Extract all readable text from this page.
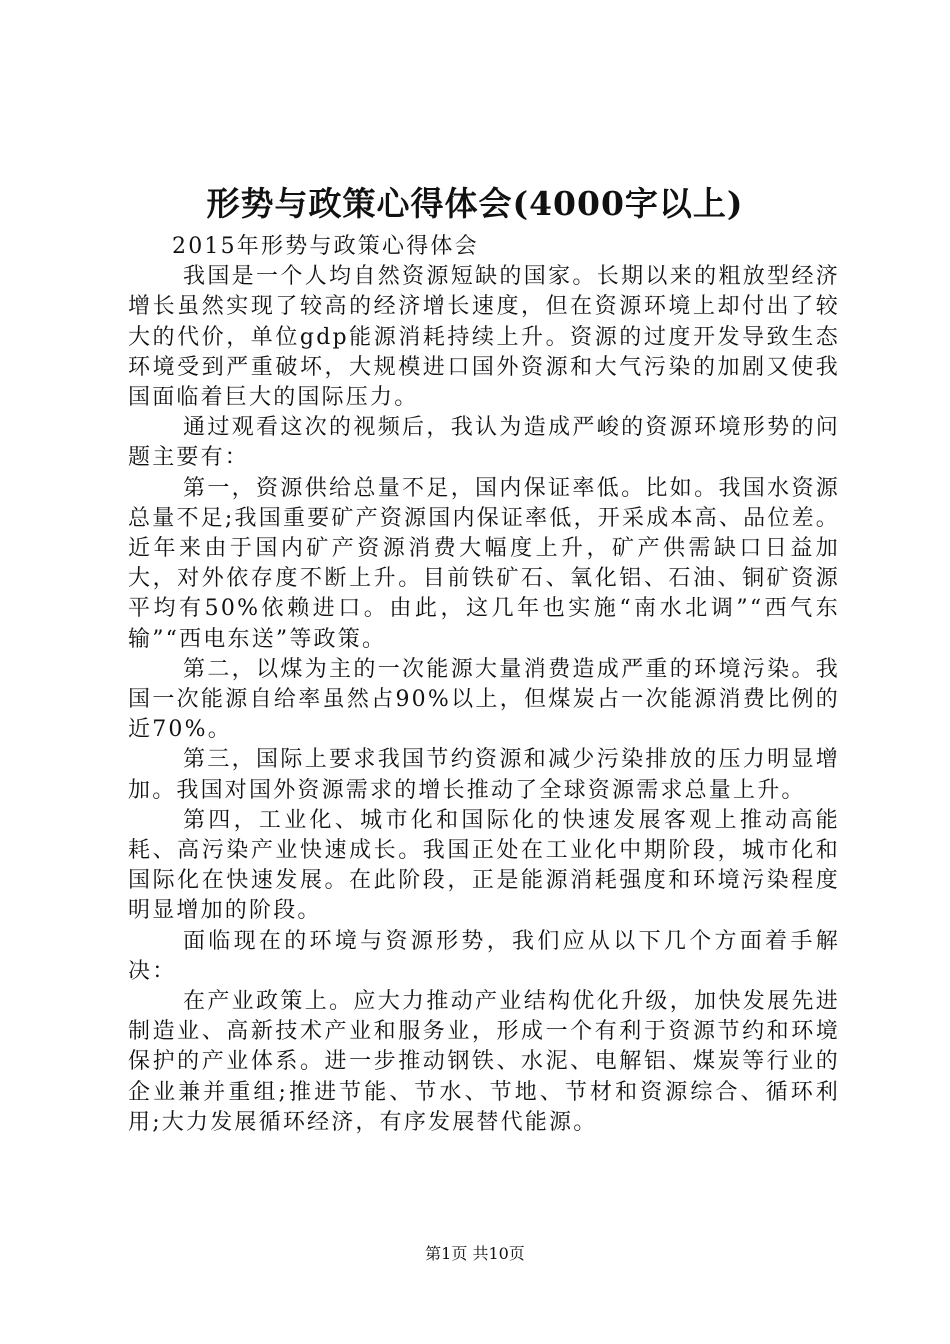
形势与政策心得体会(4000字以上)

2015年形势与政策心得体会

我国是一个人均自然资源短缺的国家。长期以来的粗放型经济增长虽然实现了较高的经济增长速度，但在资源环境上却付出了较大的代价，单位gdp能源消耗持续上升。资源的过度开发导致生态环境受到严重破坏，大规模进口国外资源和大气污染的加剧又使我国面临着巨大的国际压力。

通过观看这次的视频后，我认为造成严峻的资源环境形势的问题主要有：

第一，资源供给总量不足，国内保证率低。比如。我国水资源总量不足;我国重要矿产资源国内保证率低，开采成本高、品位差。近年来由于国内矿产资源消费大幅度上升，矿产供需缺口日益加大，对外依存度不断上升。目前铁矿石、氧化铝、石油、铜矿资源平均有50%依赖进口。由此，这几年也实施“南水北调”“西气东输”“西电东送”等政策。

第二，以煤为主的一次能源大量消费造成严重的环境污染。我国一次能源自给率虽然占90%以上，但煤炭占一次能源消费比例的近70%。

第三，国际上要求我国节约资源和减少污染排放的压力明显增加。我国对国外资源需求的增长推动了全球资源需求总量上升。

第四，工业化、城市化和国际化的快速发展客观上推动高能耗、高污染产业快速成长。我国正处在工业化中期阶段，城市化和国际化在快速发展。在此阶段，正是能源消耗强度和环境污染程度明显增加的阶段。

面临现在的环境与资源形势，我们应从以下几个方面着手解决：

在产业政策上。应大力推动产业结构优化升级，加快发展先进制造业、高新技术产业和服务业，形成一个有利于资源节约和环境保护的产业体系。进一步推动钢铁、水泥、电解铝、煤炭等行业的企业兼并重组;推进节能、节水、节地、节材和资源综合、循环利用;大力发展循环经济，有序发展替代能源。

第1页 共10页
